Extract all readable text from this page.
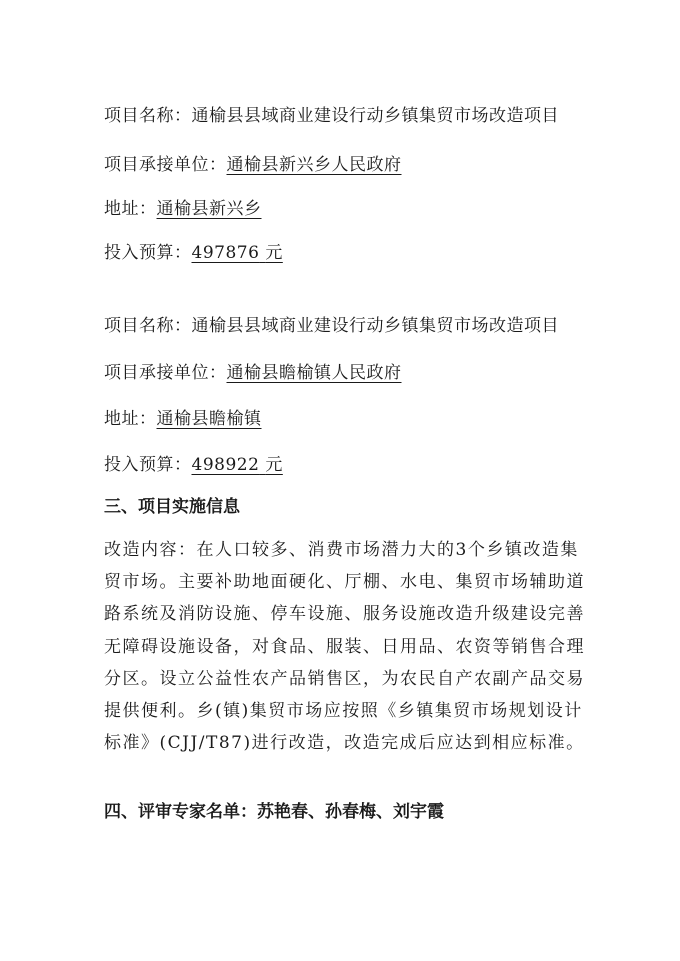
项目名称：通榆县县域商业建设行动乡镇集贸市场改造项目
项目承接单位：通榆县新兴乡人民政府
地址：通榆县新兴乡
投入预算：497876 元
项目名称：通榆县县域商业建设行动乡镇集贸市场改造项目
项目承接单位：通榆县瞻榆镇人民政府
地址：通榆县瞻榆镇
投入预算：498922 元
三、项目实施信息
改造内容：在人口较多、消费市场潜力大的3个乡镇改造集
贸市场。主要补助地面硬化、厅棚、水电、集贸市场辅助道
路系统及消防设施、停车设施、服务设施改造升级建设完善
无障碍设施设备，对食品、服装、日用品、农资等销售合理
分区。设立公益性农产品销售区，为农民自产农副产品交易
提供便利。乡(镇)集贸市场应按照《乡镇集贸市场规划设计
标准》(CJJ/T87)进行改造，改造完成后应达到相应标准。
四、评审专家名单：苏艳春、孙春梅、刘宇霞
